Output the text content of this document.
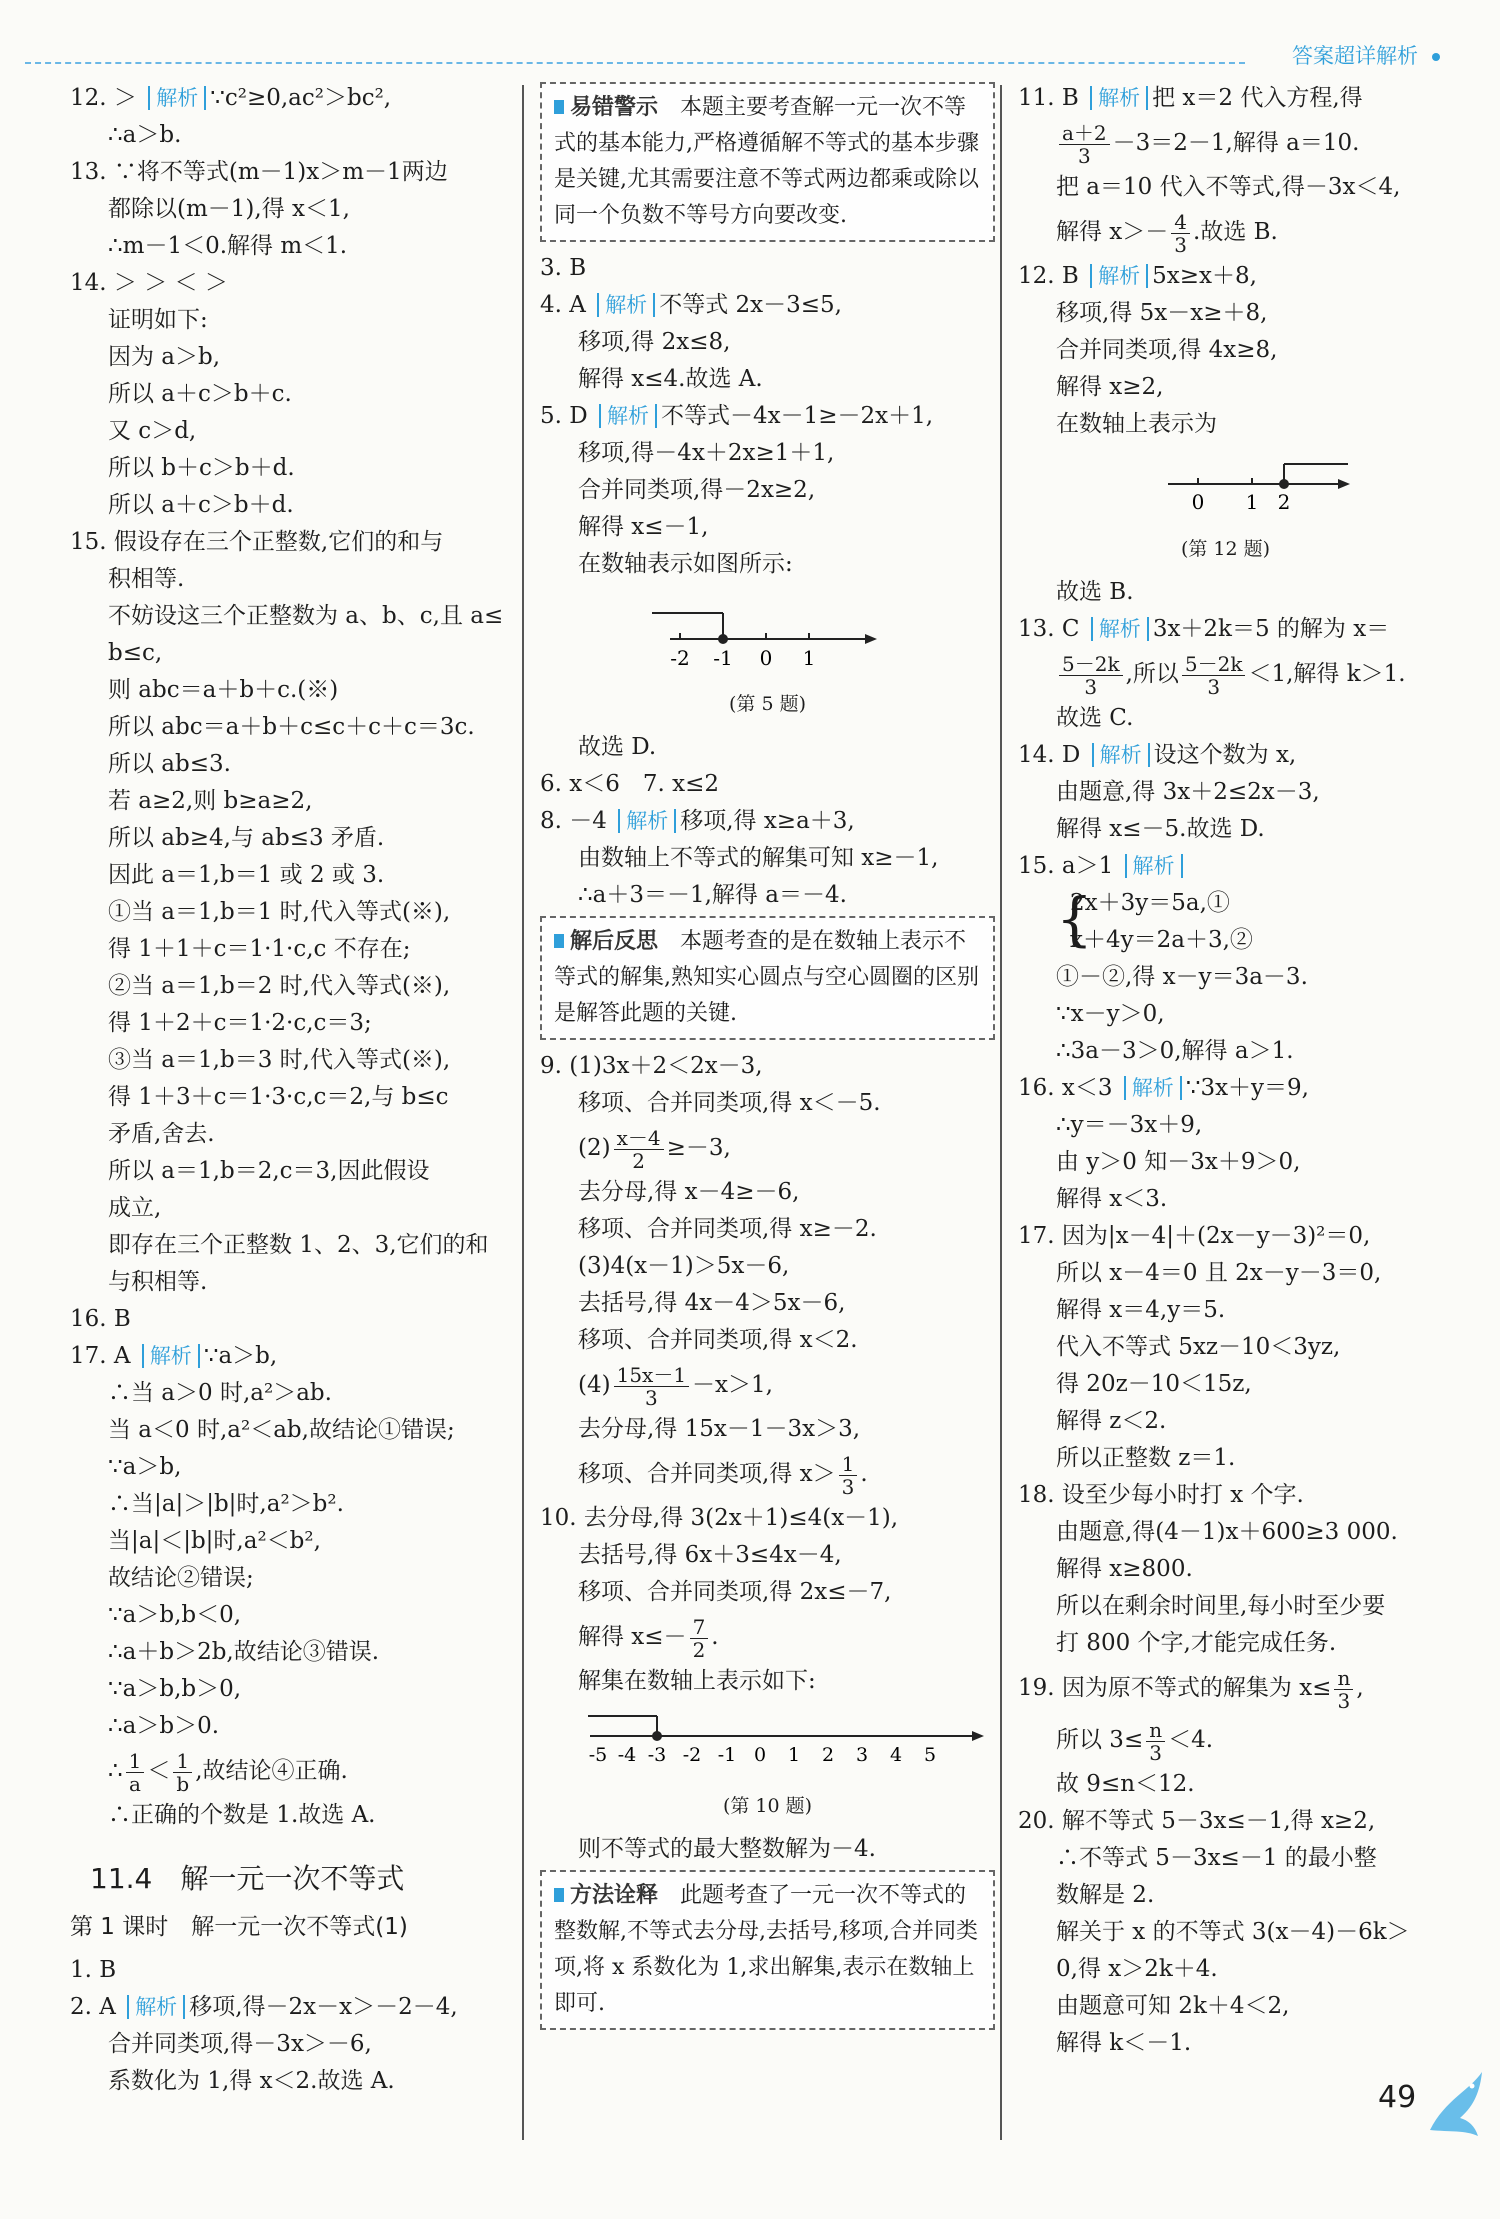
答案超详解析
12. ＞ 解析 ∵c²≥0,ac²＞bc²,
∴a＞b.
13. ∵将不等式(m－1)x＞m－1两边
都除以(m－1),得 x＜1,
∴m－1＜0.解得 m＜1.
14. ＞ ＞ ＜ ＞
证明如下:
因为 a＞b,
所以 a＋c＞b＋c.
又 c＞d,
所以 b＋c＞b＋d.
所以 a＋c＞b＋d.
15. 假设存在三个正整数,它们的和与
积相等.
不妨设这三个正整数为 a、b、c,且 a≤
b≤c,
则 abc＝a＋b＋c.(※)
所以 abc＝a＋b＋c≤c＋c＋c＝3c.
所以 ab≤3.
若 a≥2,则 b≥a≥2,
所以 ab≥4,与 ab≤3 矛盾.
因此 a＝1,b＝1 或 2 或 3.
①当 a＝1,b＝1 时,代入等式(※),
得 1＋1＋c＝1·1·c,c 不存在;
②当 a＝1,b＝2 时,代入等式(※),
得 1＋2＋c＝1·2·c,c＝3;
③当 a＝1,b＝3 时,代入等式(※),
得 1＋3＋c＝1·3·c,c＝2,与 b≤c
矛盾,舍去.
所以 a＝1,b＝2,c＝3,因此假设
成立,
即存在三个正整数 1、2、3,它们的和
与积相等.
16. B
17. A 解析 ∵a＞b,
∴当 a＞0 时,a²＞ab.
当 a＜0 时,a²＜ab,故结论①错误;
∵a＞b,
∴当|a|＞|b|时,a²＞b².
当|a|＜|b|时,a²＜b²,
故结论②错误;
∵a＞b,b＜0,
∴a＋b＞2b,故结论③错误.
∵a＞b,b＞0,
∴a＞b＞0.
∴ $\frac{1}{a} < \frac{1}{b}$ ,故结论④正确.
∴正确的个数是 1.故选 A.
11.4　解一元一次不等式
第 1 课时　解一元一次不等式(1)
1. B
2. A 解析 移项,得－2x－x＞－2－4,
合并同类项,得－3x＞－6,
系数化为 1,得 x＜2.故选 A.

易错警示　 本题主要考查解一元一次不等式的基本能力,严格遵循解不等式的基本步骤是关键,尤其需要注意不等式两边都乘或除以同一个负数不等号方向要改变.

3. B
4. A 解析 不等式 2x－3≤5,
移项,得 2x≤8,
解得 x≤4.故选 A.
5. D 解析 不等式－4x－1≥－2x＋1,
移项,得－4x＋2x≥1＋1,
合并同类项,得－2x≥2,
解得 x≤－1,
在数轴表示如图所示:
-2 -1 0 1
(第 5 题)
故选 D.
6. x＜6　7. x≤2
8. －4 解析 移项,得 x≥a＋3,
由数轴上不等式的解集可知 x≥－1,
∴a＋3＝－1,解得 a＝－4.

解后反思　 本题考查的是在数轴上表示不等式的解集,熟知实心圆点与空心圆圈的区别是解答此题的关键.

9. (1)3x＋2＜2x－3,
移项、合并同类项,得 x＜－5.
$(2) \frac{x-4}{2} \ge-3$,
去分母,得 x－4≥－6,
移项、合并同类项,得 x≥－2.
(3)4(x－1)＞5x－6,
去括号,得 4x－4＞5x－6,
移项、合并同类项,得 x＜2.
$(4) \frac{15x-1}{3} -x>1$,
去分母,得 15x－1－3x＞3,
移项、合并同类项,得 $x> \frac{1}{3}$ .
10. 去分母,得 3(2x＋1)≤4(x－1),
去括号,得 6x＋3≤4x－4,
移项、合并同类项,得 2x≤－7,
解得 $x\le- \frac{7}{2}$ .
解集在数轴上表示如下:
-5 -4 -3 -2 -1 0 1 2 3 4 5
(第 10 题)
则不等式的最大整数解为－4.

方法诠释　 此题考查了一元一次不等式的整数解,不等式去分母,去括号,移项,合并同类项,将 x 系数化为 1,求出解集,表示在数轴上即可.

11. B 解析 把 x＝2 代入方程,得
$\frac{a+2}{3} -3=2-1$,解得 a＝10.
把 a＝10 代入不等式,得－3x＜4,
解得 $x>- \frac{4}{3}$ .故选 B.
12. B 解析 5x≥x＋8,
移项,得 5x－x≥＋8,
合并同类项,得 4x≥8,
解得 x≥2,
在数轴上表示为
0 1 2
(第 12 题)
故选 B.
13. C 解析 3x＋2k＝5 的解为 x＝
$\frac{5-2k}{3}$ ,所以 $\frac{5-2k}{3} <1$,解得 k＞1.
故选 C.
14. D 解析 设这个数为 x,
由题意,得 3x＋2≤2x－3,
解得 x≤－5.故选 D.
15. a＞1 解析
{
2x＋3y＝5a,①
x＋4y＝2a＋3,②
①－②,得 x－y＝3a－3.
∵x－y＞0,
∴3a－3＞0,解得 a＞1.
16. x＜3 解析 ∵3x＋y＝9,
∴y＝－3x＋9,
由 y＞0 知－3x＋9＞0,
解得 x＜3.
17. 因为|x－4|＋(2x－y－3)²＝0,
所以 x－4＝0 且 2x－y－3＝0,
解得 x＝4,y＝5.
代入不等式 5xz－10＜3yz,
得 20z－10＜15z,
解得 z＜2.
所以正整数 z＝1.
18. 设至少每小时打 x 个字.
由题意,得(4－1)x＋600≥3 000.
解得 x≥800.
所以在剩余时间里,每小时至少要
打 800 个字,才能完成任务.
19. 因为原不等式的解集为 $x\le \frac{n}{3}$ ,
所以 $3\le \frac{n}{3} <4$.
故 9≤n＜12.
20. 解不等式 5－3x≤－1,得 x≥2,
∴不等式 5－3x≤－1 的最小整
数解是 2.
解关于 x 的不等式 3(x－4)－6k＞
0,得 x＞2k＋4.
由题意可知 2k＋4＜2,
解得 k＜－1.
49
